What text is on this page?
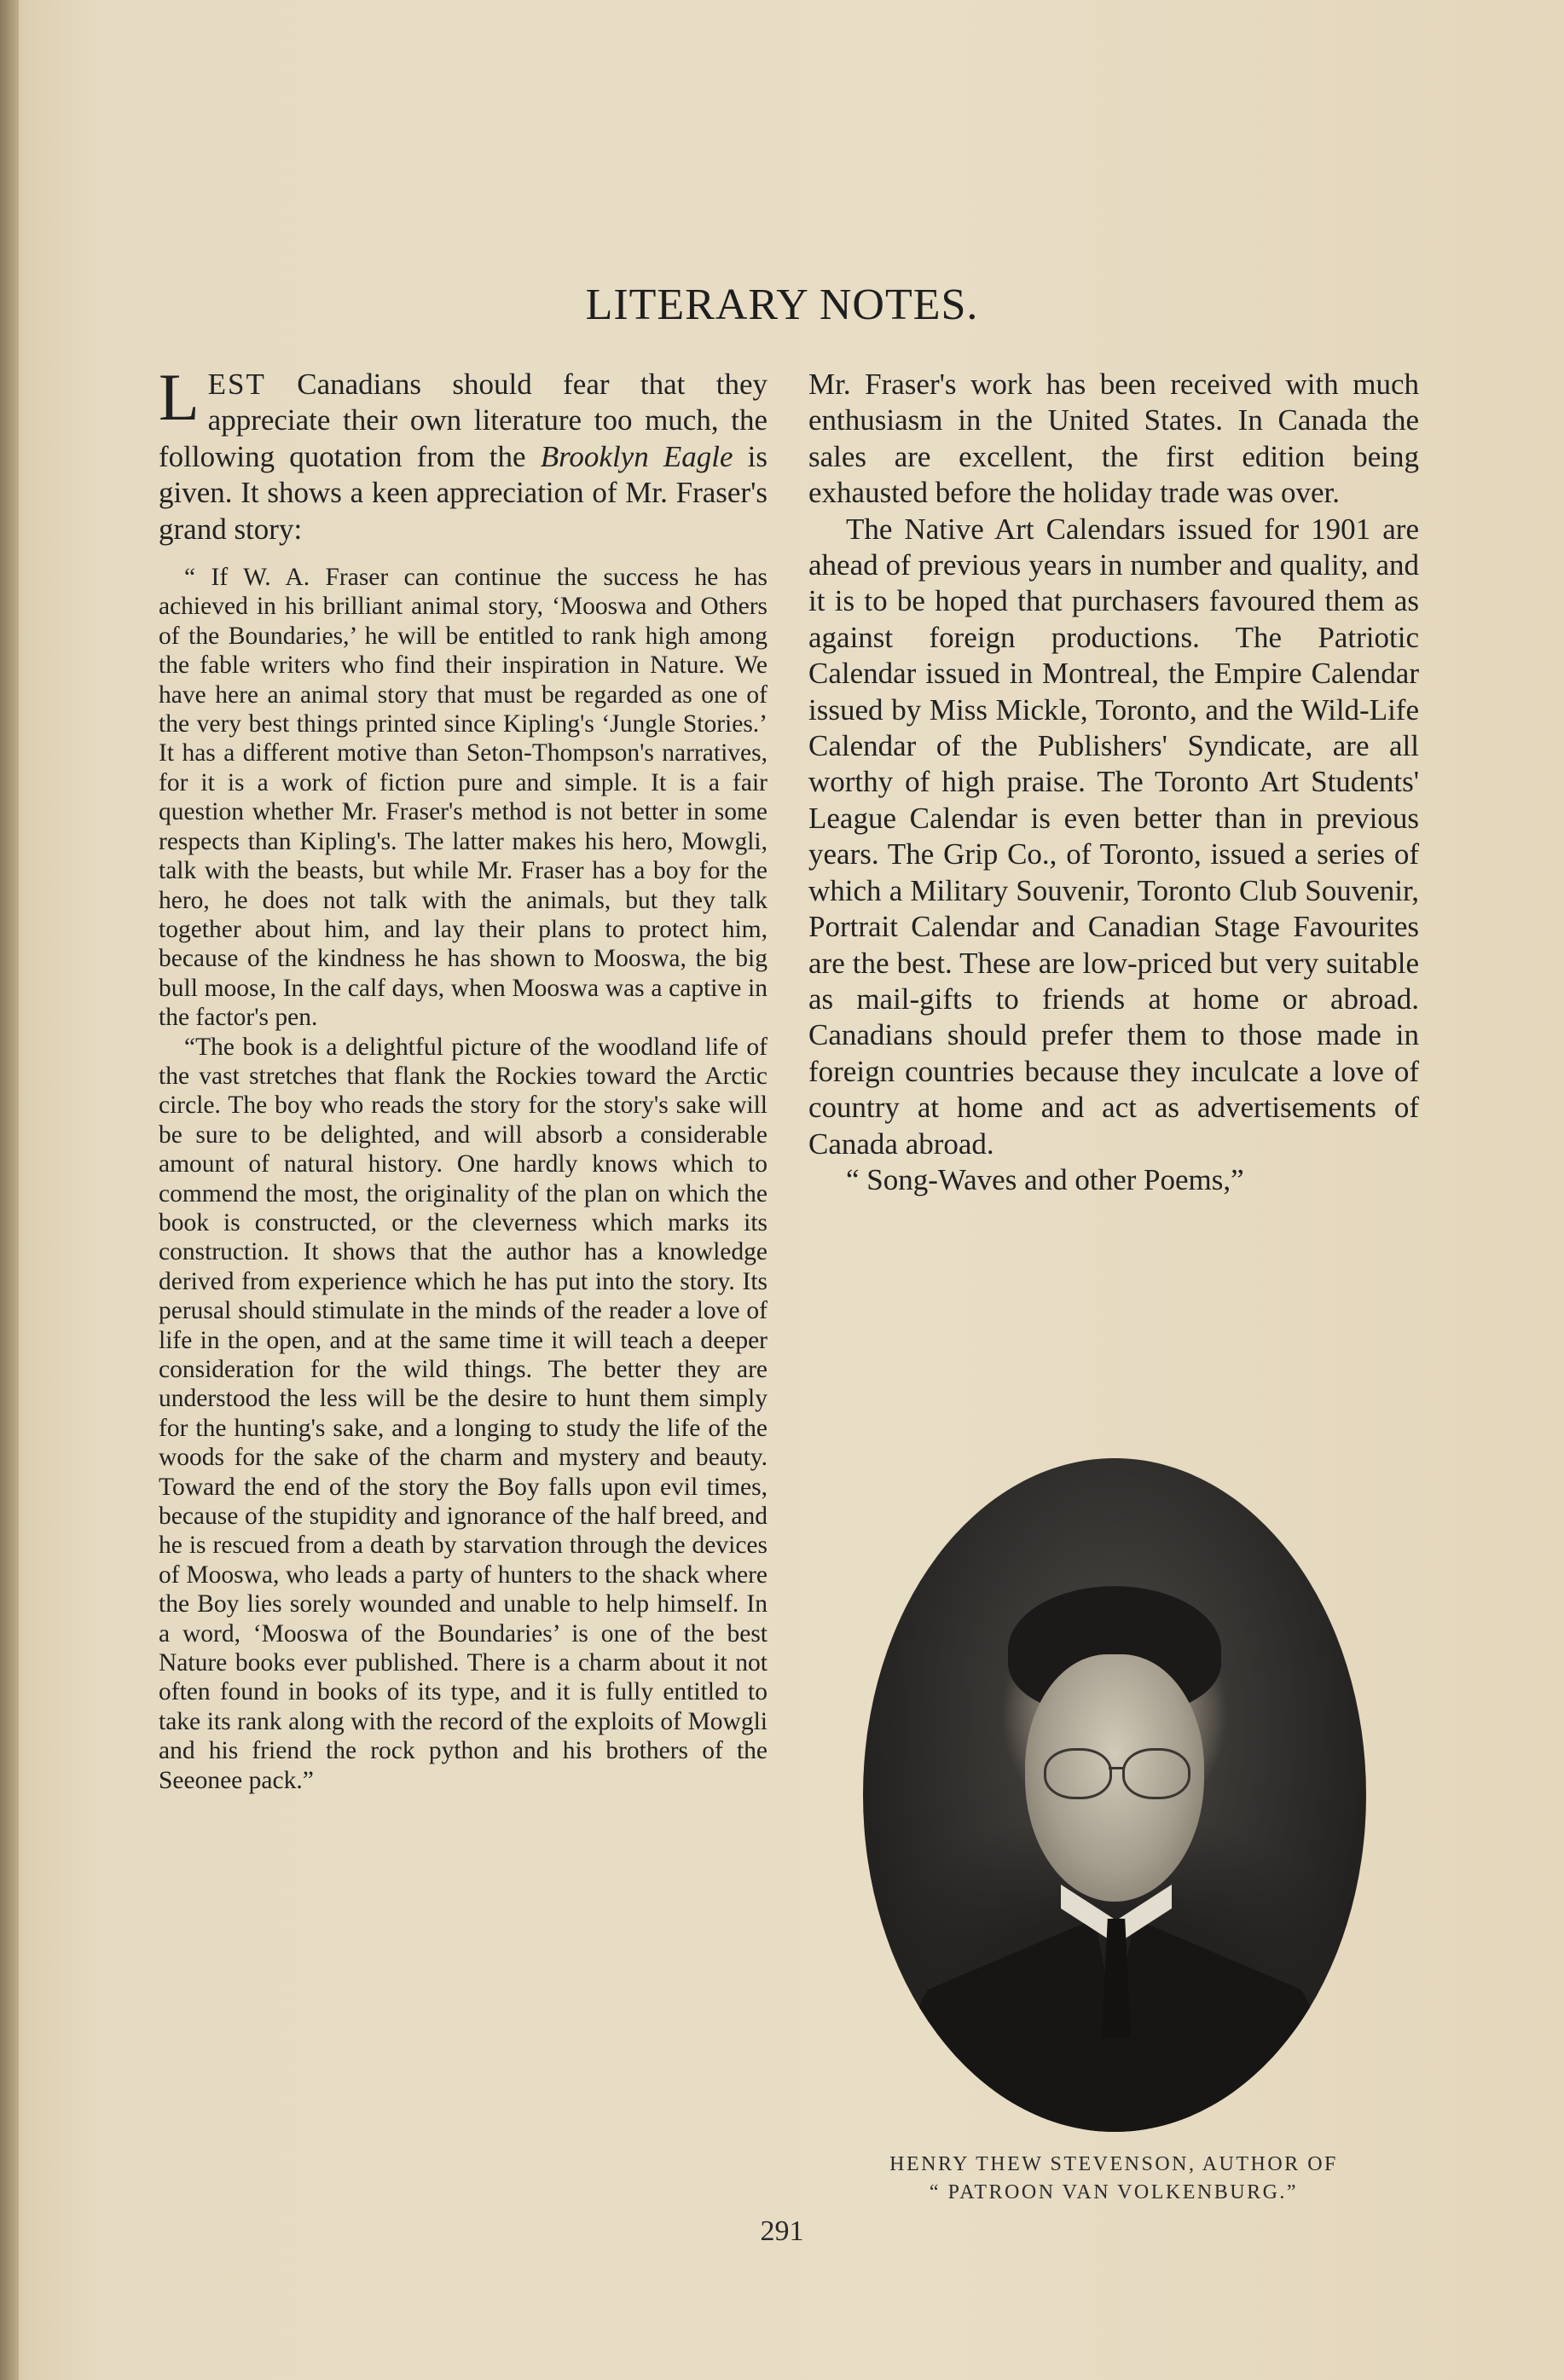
LITERARY NOTES.

LEST Canadians should fear that they appreciate their own literature too much, the following quotation from the Brooklyn Eagle is given. It shows a keen appreciation of Mr. Fraser's grand story:

“ If W. A. Fraser can continue the success he has achieved in his brilliant animal story, ‘Mooswa and Others of the Boundaries,’ he will be entitled to rank high among the fable writers who find their inspiration in Nature. We have here an animal story that must be regarded as one of the very best things printed since Kipling's ‘Jungle Stories.’ It has a different motive than Seton-Thompson's narratives, for it is a work of fiction pure and simple. It is a fair question whether Mr. Fraser's method is not better in some respects than Kipling's. The latter makes his hero, Mowgli, talk with the beasts, but while Mr. Fraser has a boy for the hero, he does not talk with the animals, but they talk together about him, and lay their plans to protect him, because of the kindness he has shown to Mooswa, the big bull moose, In the calf days, when Mooswa was a captive in the factor's pen.

“The book is a delightful picture of the woodland life of the vast stretches that flank the Rockies toward the Arctic circle. The boy who reads the story for the story's sake will be sure to be delighted, and will absorb a considerable amount of natural history. One hardly knows which to commend the most, the originality of the plan on which the book is constructed, or the cleverness which marks its construction. It shows that the author has a knowledge derived from experience which he has put into the story. Its perusal should stimulate in the minds of the reader a love of life in the open, and at the same time it will teach a deeper consideration for the wild things. The better they are understood the less will be the desire to hunt them simply for the hunting's sake, and a longing to study the life of the woods for the sake of the charm and mystery and beauty. Toward the end of the story the Boy falls upon evil times, because of the stupidity and ignorance of the half breed, and he is rescued from a death by starvation through the devices of Mooswa, who leads a party of hunters to the shack where the Boy lies sorely wounded and unable to help himself. In a word, ‘Mooswa of the Boundaries’ is one of the best Nature books ever published. There is a charm about it not often found in books of its type, and it is fully entitled to take its rank along with the record of the exploits of Mowgli and his friend the rock python and his brothers of the Seeonee pack.”

Mr. Fraser's work has been received with much enthusiasm in the United States. In Canada the sales are excellent, the first edition being exhausted before the holiday trade was over.

The Native Art Calendars issued for 1901 are ahead of previous years in number and quality, and it is to be hoped that purchasers favoured them as against foreign productions. The Patriotic Calendar issued in Montreal, the Empire Calendar issued by Miss Mickle, Toronto, and the Wild-Life Calendar of the Publishers' Syndicate, are all worthy of high praise. The Toronto Art Students' League Calendar is even better than in previous years. The Grip Co., of Toronto, issued a series of which a Military Souvenir, Toronto Club Souvenir, Portrait Calendar and Canadian Stage Favourites are the best. These are low-priced but very suitable as mail-gifts to friends at home or abroad. Canadians should prefer them to those made in foreign countries because they inculcate a love of country at home and act as advertisements of Canada abroad.

“ Song-Waves and other Poems,”

HENRY THEW STEVENSON, AUTHOR OF
“ PATROON VAN VOLKENBURG.”

291
